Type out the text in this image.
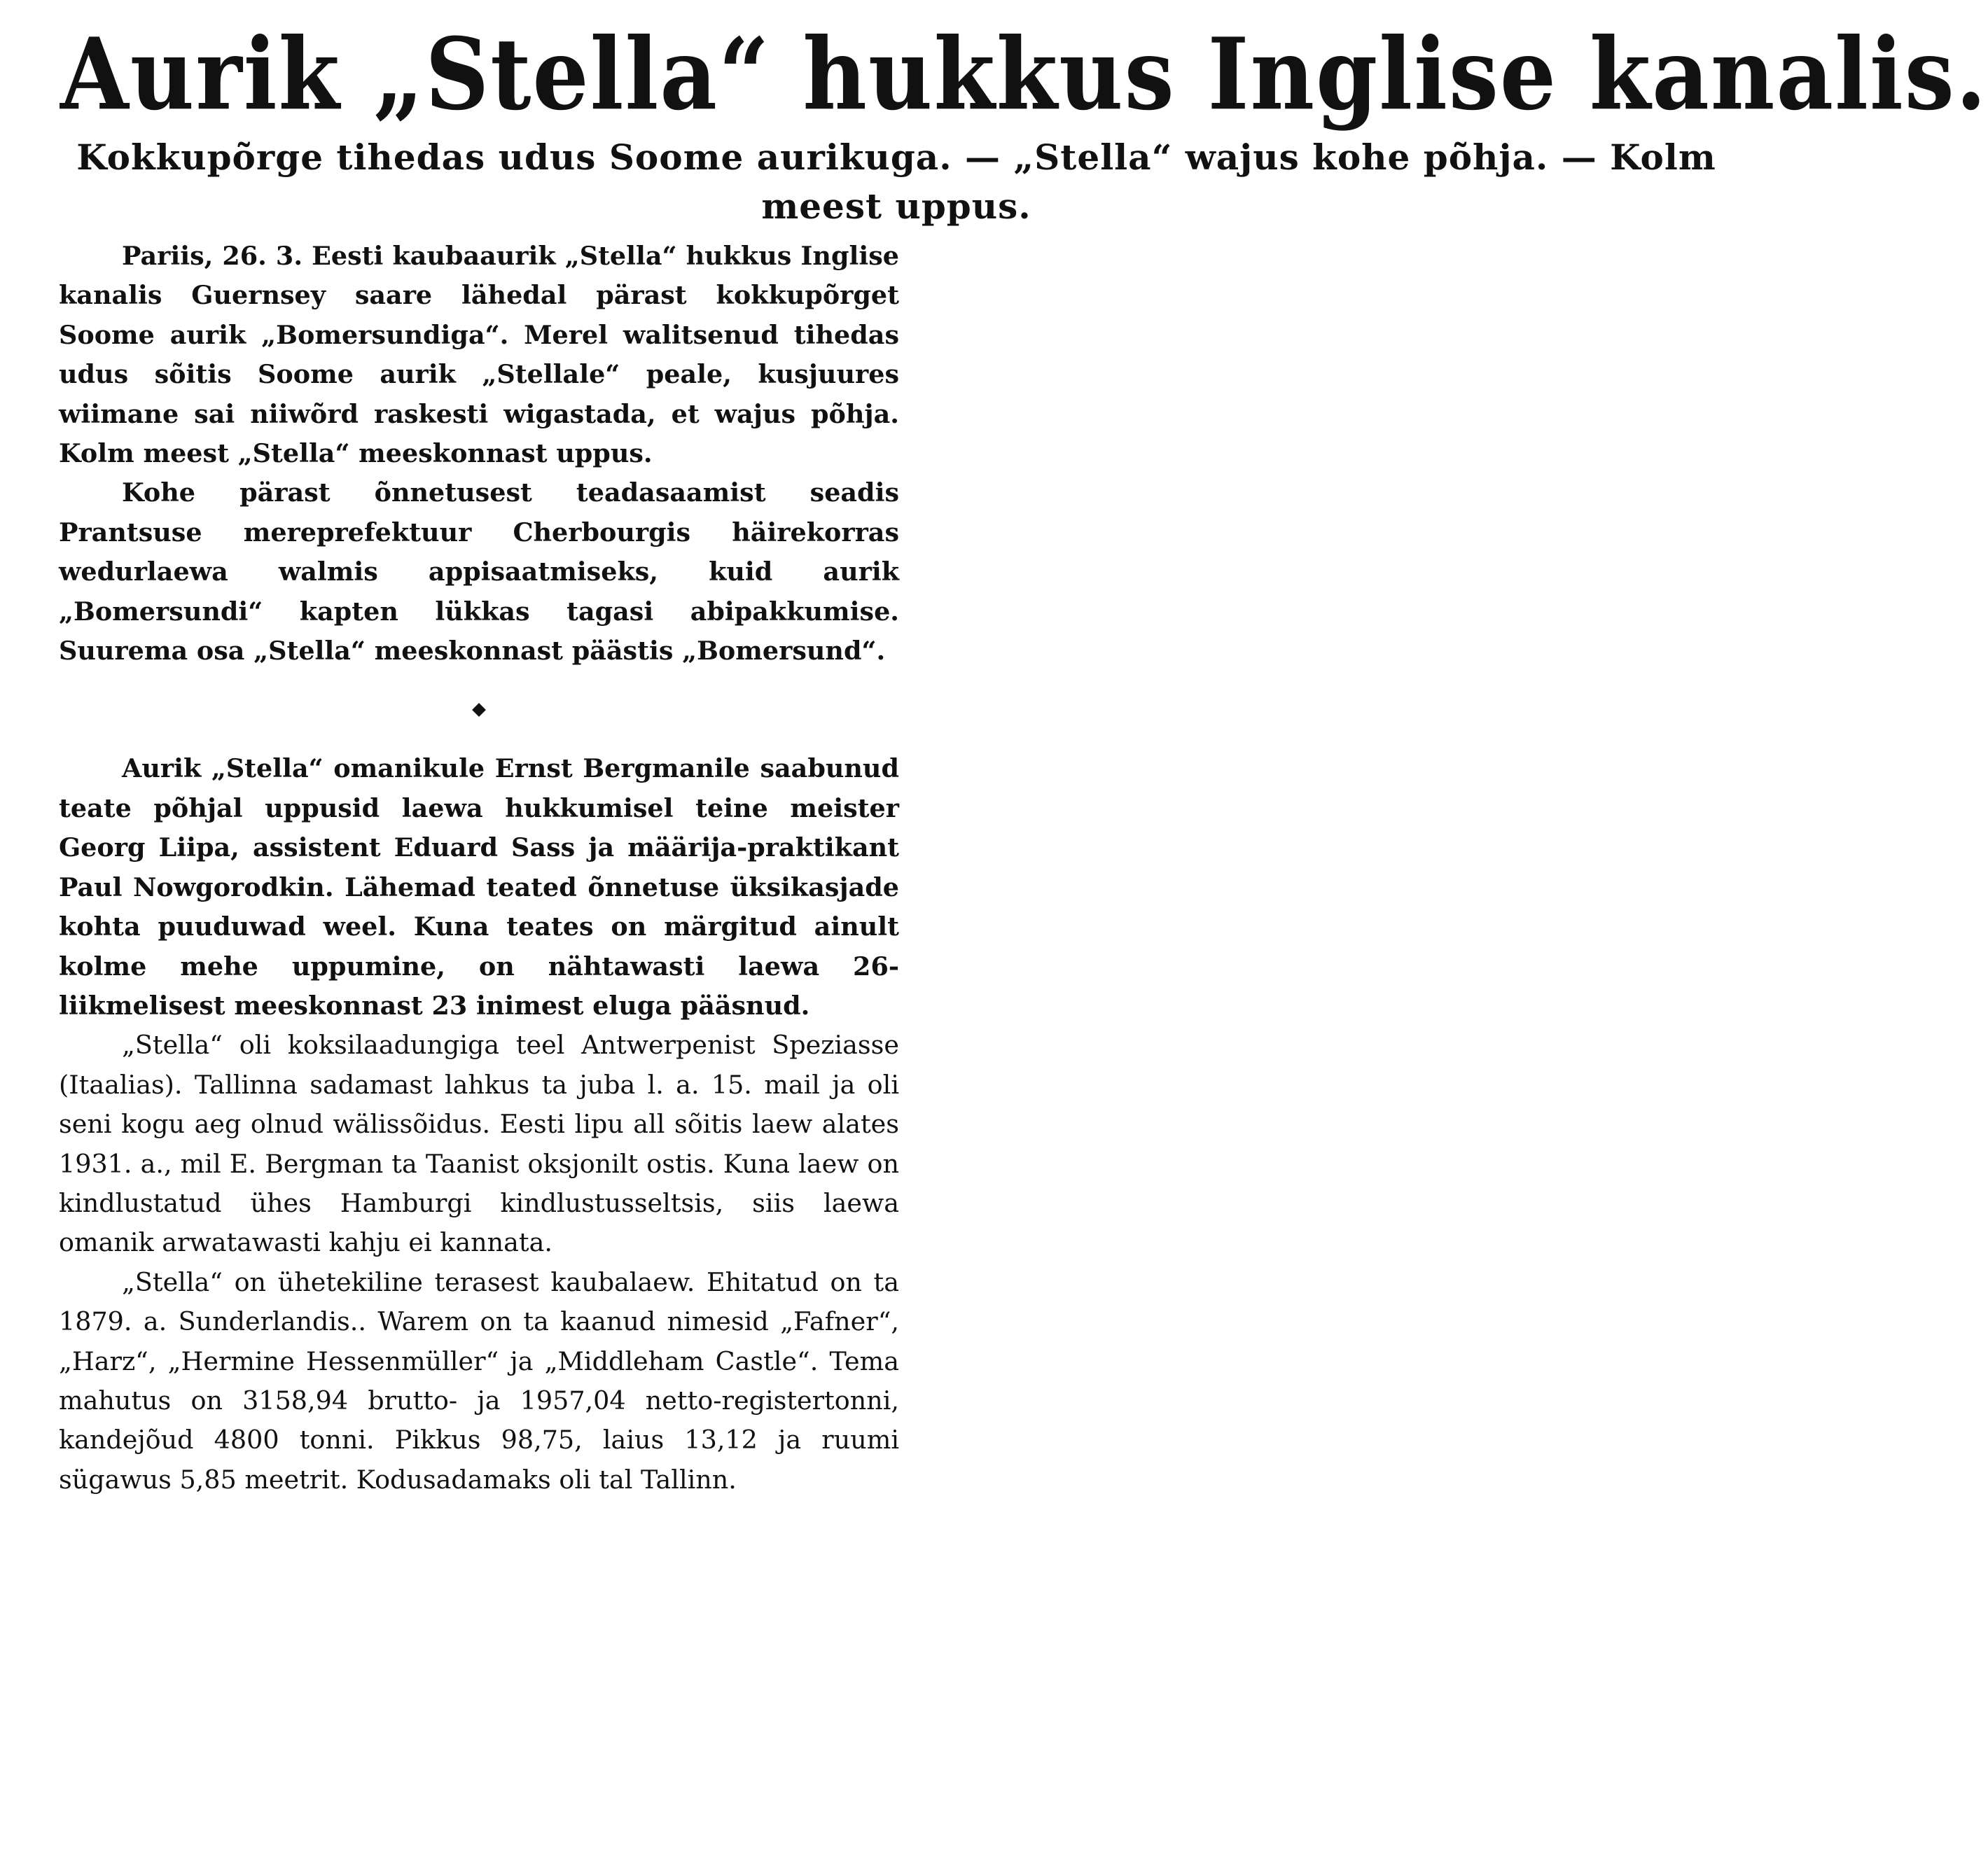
Aurik „Stella“ hukkus Inglise kanalis.
Kokkupõrge tihedas udus Soome aurikuga. — „Stella“ wajus kohe põhja. — Kolm meest uppus.

Pariis, 26. 3. Eesti kaubaaurik „Stella“ hukkus Inglise kanalis Guernsey saare lähedal pärast kokkupõrget Soome aurik „Bomersundiga“. Merel walitsenud tihedas udus sõitis Soome aurik „Stellale“ peale, kusjuures wiimane sai niiwõrd raskesti wigastada, et wajus põhja. Kolm meest „Stella“ meeskonnast uppus.

Kohe pärast õnnetusest teadasaamist seadis Prantsuse mereprefektuur Cherbourgis häirekorras wedurlaewa walmis appisaatmiseks, kuid aurik „Bomersundi“ kapten lükkas tagasi abipakkumise. Suurema osa „Stella“ meeskonnast päästis „Bomersund“.

Aurik „Stella“ omanikule Ernst Bergmanile saabunud teate põhjal uppusid laewa hukkumisel teine meister Georg Liipa, assistent Eduard Sass ja määrija-praktikant Paul Nowgorodkin. Lähemad teated õnnetuse üksikasjade kohta puuduwad weel. Kuna teates on märgitud ainult kolme mehe uppumine, on nähtawasti laewa 26-liikmelisest meeskonnast 23 inimest eluga pääsnud.

„Stella“ oli koksilaadungiga teel Antwerpenist Speziasse (Itaalias). Tallinna sadamast lahkus ta juba l. a. 15. mail ja oli seni kogu aeg olnud wälissõidus. Eesti lipu all sõitis laew alates 1931. a., mil E. Bergman ta Taanist oksjonilt ostis. Kuna laew on kindlustatud ühes Hamburgi kindlustusseltsis, siis laewa omanik arwatawasti kahju ei kannata.

„Stella“ on ühetekiline terasest kaubalaew. Ehitatud on ta 1879. a. Sunderlandis.. Warem on ta kaanud nimesid „Fafner“, „Harz“, „Hermine Hessenmüller“ ja „Middleham Castle“. Tema mahutus on 3158,94 brutto- ja 1957,04 netto-registertonni, kandejõud 4800 tonni. Pikkus 98,75, laius 13,12 ja ruumi sügawus 5,85 meetrit. Kodusadamaks oli tal Tallinn.
